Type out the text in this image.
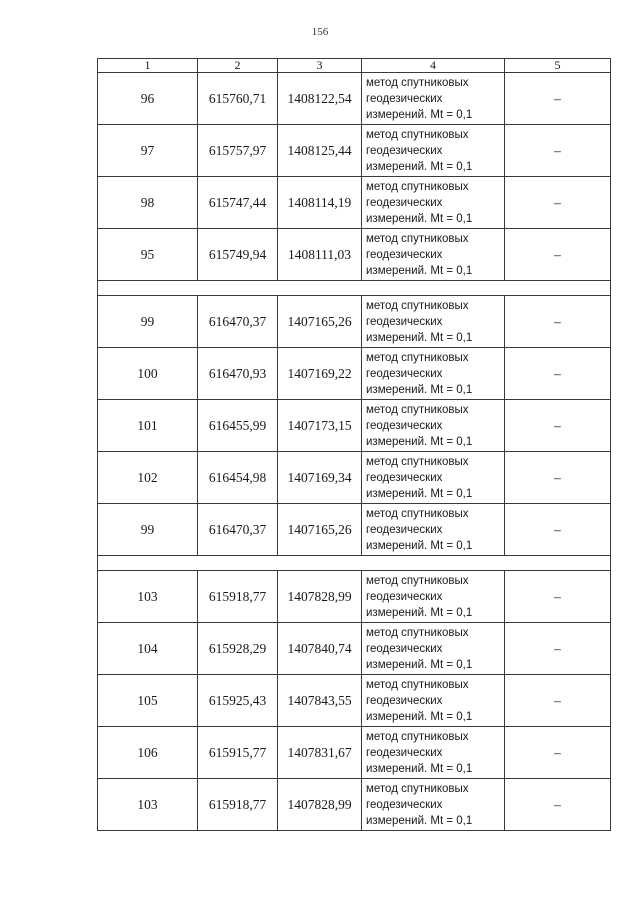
156
1	2	3	4	5
96	615760,71	1408122,54	метод спутниковых
геодезических
измерений. Mt = 0,1	–
97	615757,97	1408125,44	метод спутниковых
геодезических
измерений. Mt = 0,1	–
98	615747,44	1408114,19	метод спутниковых
геодезических
измерений. Mt = 0,1	–
95	615749,94	1408111,03	метод спутниковых
геодезических
измерений. Mt = 0,1	–

99	616470,37	1407165,26	метод спутниковых
геодезических
измерений. Mt = 0,1	–
100	616470,93	1407169,22	метод спутниковых
геодезических
измерений. Mt = 0,1	–
101	616455,99	1407173,15	метод спутниковых
геодезических
измерений. Mt = 0,1	–
102	616454,98	1407169,34	метод спутниковых
геодезических
измерений. Mt = 0,1	–
99	616470,37	1407165,26	метод спутниковых
геодезических
измерений. Mt = 0,1	–

103	615918,77	1407828,99	метод спутниковых
геодезических
измерений. Mt = 0,1	–
104	615928,29	1407840,74	метод спутниковых
геодезических
измерений. Mt = 0,1	–
105	615925,43	1407843,55	метод спутниковых
геодезических
измерений. Mt = 0,1	–
106	615915,77	1407831,67	метод спутниковых
геодезических
измерений. Mt = 0,1	–
103	615918,77	1407828,99	метод спутниковых
геодезических
измерений. Mt = 0,1	–
